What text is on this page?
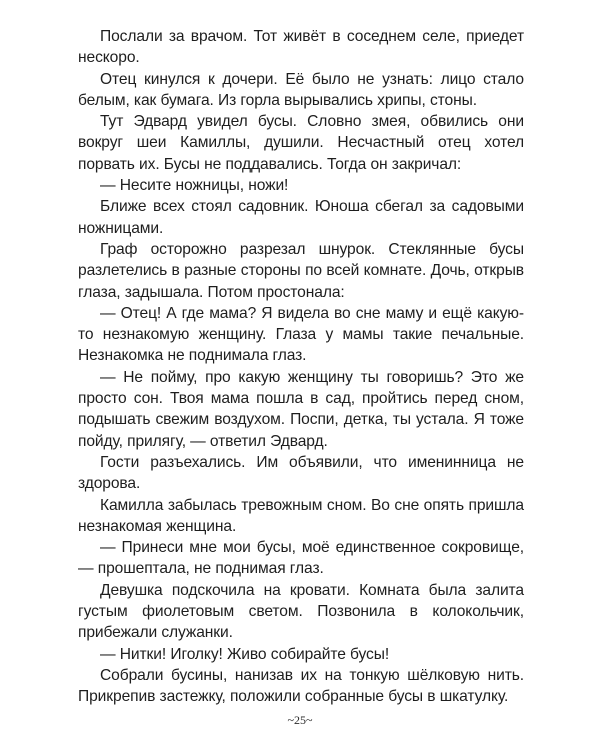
Послали за врачом. Тот живёт в соседнем селе, приедет нескоро.

Отец кинулся к дочери. Её было не узнать: лицо стало белым, как бумага. Из горла вырывались хрипы, стоны.

Тут Эдвард увидел бусы. Словно змея, обвились они вокруг шеи Камиллы, душили. Несчастный отец хотел порвать их. Бусы не поддавались. Тогда он закричал:

— Несите ножницы, ножи!

Ближе всех стоял садовник. Юноша сбегал за садовыми ножницами.

Граф осторожно разрезал шнурок. Стеклянные бусы разлетелись в разные стороны по всей комнате. Дочь, открыв глаза, задышала. Потом простонала:

— Отец! А где мама? Я видела во сне маму и ещё какую-то незнакомую женщину. Глаза у мамы такие печальные. Незнакомка не поднимала глаз.

— Не пойму, про какую женщину ты говоришь? Это же просто сон. Твоя мама пошла в сад, пройтись перед сном, подышать свежим воздухом. Поспи, детка, ты устала. Я тоже пойду, прилягу, — ответил Эдвард.

Гости разъехались. Им объявили, что именинница не здорова.

Камилла забылась тревожным сном. Во сне опять пришла незнакомая женщина.

— Принеси мне мои бусы, моё единственное сокровище, — прошептала, не поднимая глаз.

Девушка подскочила на кровати. Комната была залита густым фиолетовым светом. Позвонила в колокольчик, прибежали служанки.

— Нитки! Иголку! Живо собирайте бусы!

Собрали бусины, нанизав их на тонкую шёлковую нить. Прикрепив застежку, положили собранные бусы в шкатулку.

~25~
